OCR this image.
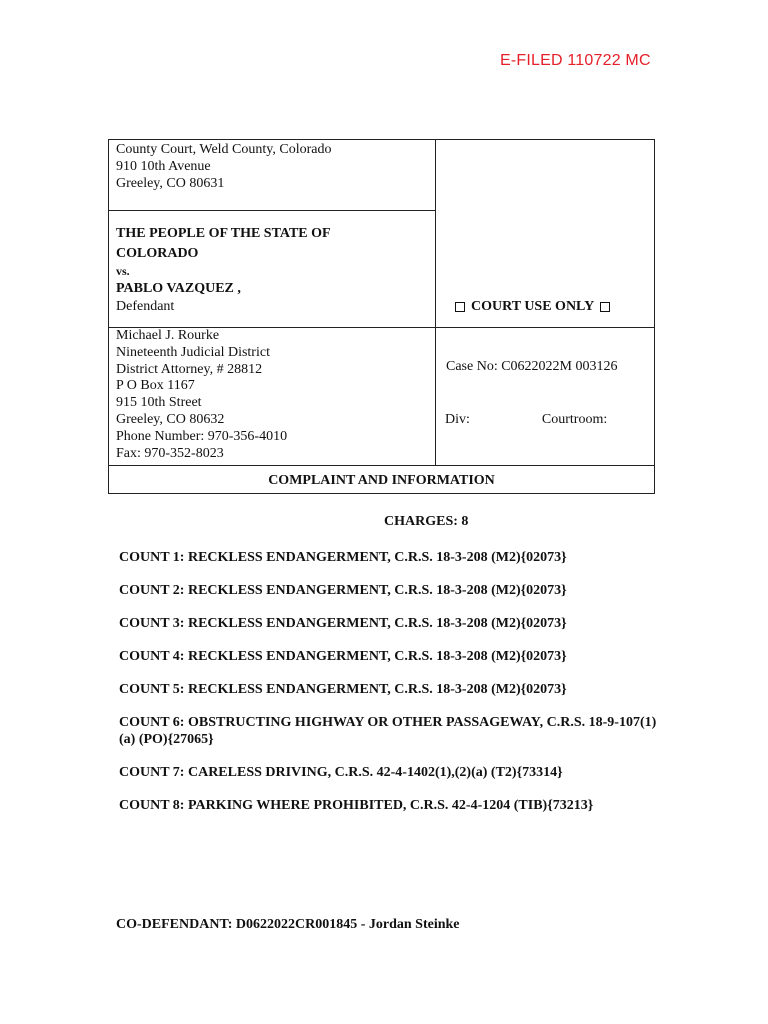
E-FILED 110722 MC
County Court, Weld County, Colorado
910 10th Avenue
Greeley, CO 80631
THE PEOPLE OF THE STATE OF
COLORADO
vs.
PABLO VAZQUEZ ,
Defendant	COURT USE ONLY
Michael J. Rourke
Nineteenth Judicial District
District Attorney, # 28812
P O Box 1167
915 10th Street
Greeley, CO 80632
Phone Number: 970-356-4010
Fax: 970-352-8023
Case No: C0622022M 003126
Div:	Courtroom:
COMPLAINT AND INFORMATION
CHARGES: 8
COUNT 1: RECKLESS ENDANGERMENT, C.R.S. 18-3-208 (M2){02073}
COUNT 2: RECKLESS ENDANGERMENT, C.R.S. 18-3-208 (M2){02073}
COUNT 3: RECKLESS ENDANGERMENT, C.R.S. 18-3-208 (M2){02073}
COUNT 4: RECKLESS ENDANGERMENT, C.R.S. 18-3-208 (M2){02073}
COUNT 5: RECKLESS ENDANGERMENT, C.R.S. 18-3-208 (M2){02073}
COUNT 6: OBSTRUCTING HIGHWAY OR OTHER PASSAGEWAY, C.R.S. 18-9-107(1)(a) (PO){27065}
COUNT 7: CARELESS DRIVING, C.R.S. 42-4-1402(1),(2)(a) (T2){73314}
COUNT 8: PARKING WHERE PROHIBITED, C.R.S. 42-4-1204 (TIB){73213}
CO-DEFENDANT: D0622022CR001845 - Jordan Steinke
